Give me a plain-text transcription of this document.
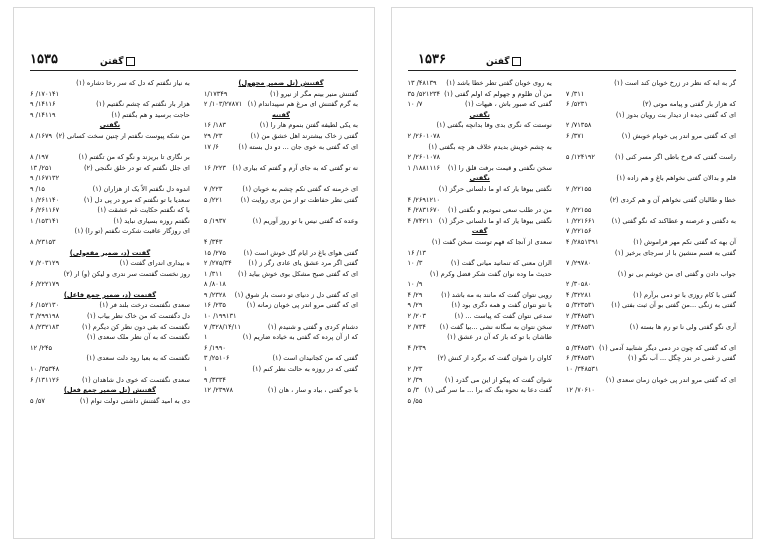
۱۵۳۵	گفتن
گفتنش (تل ضمیر مجهول)
گفتنش منیر بینم مگر از نیرو (۱)
۱/۱۷۳۴۹
به گرم گفتنش ای مرغ هم سپیداندام (۱)
۲ /۱۰۳/۲۷۸۷۱
گفتنه
به یکی لطیفه گفتن بنموم هار را (۱)
۱۶ /۱۸۳
گفتی ز خاک بیشترند اهل خشق من (۱)
۲۹ /۲۳
ای که گفتی به خوی جان ... دو دل بسته (۱)
۱۷ /۶
نه تو گفتی که به جای آرم و گفتم که بیاری (۱)
۱۶ /۲۲۳
ای خرمنه که گفتی نکم چشم به خوبان (۱)
۷ /۲۲۳
گفتی نظر حفاظت تو از من بری روایت (۱)
۵ /۲۲۱
وعده که گفتی نیس با تو روز آوریم (۱)
۵ /۱۹۳۷
۴ /۳۴۳
گفتی هوای باغ در ایام گل خوش است (۱)
۱۵ /۲۷۵
گفتی اگر مرد عشق یای عادی رگر ز (۱)
۲ /۲۷۵/۳۴
ای که گفتی صبح مشکل بوی خوش بیاید (۱)
۱ /۳۱۱
۸ /۸۰۱۸
ای که گفتی دل ز دنیای تو دست بار شوق (۱)
۹ /۲۳۲۸
ای که گفتی مرو اندر پی خوبان زمانه (۱)
۱۶ /۲۳۵
۱۰ /۱۹۹۱۳۱
دشنام کردی و گفتی و شنیدم (۱)
۷ /۳۲۸/۱۴/۱۱
که از آن پرده که گفتی به خیاده ضاریم (۱)
۱
۶ /۱۹۹۰
گفتی که من کجانیدان است (۱)
۳ /۲۵۱۰۶
گفتی که در روزه به حالت نظر کنم (۱)
۱
۹ /۳۳۳۴
با جو گفتی ، بیاد و سار ، هان (۱)
۱۲ /۲۳۹۷۸
به نیاز نگفتم که دل که سر رخا دشاره (۱)
۶ /۱۷۰۱۴۱
هزار بار نگفتم که چشم نگفتیم (۱)
۹ /۱۴۱۱۶
حاجت برسید و هم بگفتم (۱)
۹ /۱۴۱۱۹
نگفتی
من شکه پیوست نگفتم ار چنین سخت کسانی (۲)
۸ /۱۶۷۹
بر نگاری تا بریزند و نگو که من تگفتم (۱)
۸ /۱۹۷
ای جلل نگفتم که تو در خلق نگنجی (۲)
۱۳ /۲۵۱
۹ /۱۶۷۱۳۲
اندوه دل نگفتم الاً یک از هزاران (۱)
۹ /۱۵
سعدیا با تو نگفتم که مرو در پی دل (۱)
۱ /۲۶۱۱۴۰
با که نگفتم حکایت غم عشقت (۱)
۶ /۲۶۱۱۶۷
نگفتم روزه بسیاری نباید (۱)
۱ /۱۵۳۱۴۱
ای روزگار عاقبت شکرت نگفتم (تو را) (۱)
۸ /۲۳۱۵۳
گفتت (د، ضمیر مفعولی)
ه بیداری اندرای گفتت (۱)
۷ /۲۰۳۱۲۹
روز نخست گفتمت سر ندری و لیکن (و) ار (۲)
۶ /۲۲۲۱۷۹
گفتمت (د، ضمیر جمع فاعل)
سعدی نگفتمت درخت بلند فر (۱)
۶ /۱۵۲۱۳۰
دل دگفتمت که من خاک نظر بیاب (۱)
۳ /۲۹۹۱۹۸
نگفتمت که بقی دون نظر کن دیگرم (۱)
۸ /۲۳۲۱۸۳
نگفتمت که به آن نظر ملک سعدی (۱)
۱۲ /۲۴۵
نگفتمت که به بعبا رود دلت سعدی (۱)
۱۰ /۳۵۳۴۸
سعدی نگفتمت که خوی دل شاهدان (۱)
۶ /۱۳۱۱۲۶
گفتنش (تل ضمیر جمع فعل)
دی به امید گفتنش داشتی دولت نوام (۱)
۵ /۵۷
۱۵۳۶	گفتن
گر به ابه که نظر در زرخ خوبان کند است (۱)
۷ /۳۱۱
که هزار بار گفتی و پیامه موتی (۲)
۶ /۵۲۳۱
ای که گفتی دیده از دیدار بت رویان بدوز (۱)
۲ /۷۱۳۵۸
ای که گفتی مرو اندر پی خوبام خوبش (۱)
۶ /۳۷۱
راست گفتی که فرخ باطی اگر مسر کنی (۱)
۵ /۱۲۴۱۹۲
قلم و بدالان گفتی نخواهم باغ و هم زاده (۱)
۲ /۲۲۱۵۵
خطا و طالبان گفتی نخواهم آن و هم کردی (۲)
۲ /۲۲۱۵۵
به دگفتی و عرصنه و عطاکند که نگو گفتی (۱)
۱ /۲۲۱۶۶۱
۷ /۲۲۱۵۶
آن بهه که گفتی نکم مهر فراموش (۱)
۴ /۲۸۵۱۳۹۱
گفتی به قسم منشین با ار سرجای برخیز (۱)
۷ /۲۹۷۸۰
جواب دادن و گفتی ای من خوشم بی نو (۱)
۲ /۳۰۵۸۰
گفتی با کام روزی با تو دمی برآرم (۱)
۴ /۳۲۲۸۱
گفتی به زنگی ...من گفتی بو آن ثبت بفتی (۱)
۵ /۳۲۳۵۳۱
۲ /۳۴۸۵۳۱
آری نگو گفتی ولی نا تو رم ها بسته (۱)
۲ /۳۴۸۵۳۱
ای که گفتی که چون در دمی دیگر شتابید آدمی (۱)
۵ /۳۴۸۵۳۱
گفتی ز غمی در ندر چگل ... آب نگو (۱)
۶ /۳۴۸۵۳۱
۱۰ /۳۴۸۵۳۱
ای که گفتی مرو اندر پی خوبان زمان سعدی (۱)
۱۲ /۷۰۶۱۰
یه روی خوبان گفتی تطر خطا باشد (۱)
۱۳ /۴۸۱۳۹
من آن ظلوم و جهولم که اولم گفتی (۱)
۳۵ /۵۲۱۲۳۴
گفتی که صبور باش ، هیهات (۱)
۱۰ /۷
تگفتی
نوستت که نگری بدی وفا بدانچه بگفتی (۱)
۲ /۲۶۰۱۰۷۸
به چشم خویش بدیدم خلاف هر چه بگفتی (۱)
۲ /۲۶۰۱۰۷۸
سخن نگفتی و قیمت برفت قلق را (۱)
۱ /۱۸۸۱۱۱۶
نگفتی
نگفتی بیوفا یار که او ما دلسانی حرگز (۱)
۴ /۲۶۹۱۲۱۰
من در طلب سعی نمودیم و نگفتی (۱)
۴ /۲۸۳۱۶۷۰
نگفتی بیوفا یار که او ما دلسانی حرگز (۱)
۴ /۷۴۲۱۱
گفت
سعدی از آنجا که فهم توست سخن گفت (۱)
۱۶ /۱۳
الزان معنی که تنمانید میانی گفت (۱)
۱۰ /۳
حدیث ما وده نوان گفت شکر فضل وکرم (۱)
۱۰ /۹
رویی نتوان گفت که مانند به مه باشد (۱)
۴ /۲۹
با نتو نتوان گفت و همه دگری بود (۱)
۹ /۲۹
سدعی نتوان گفت که پیاست ... (۱)
۲ /۲۰۳
سخن نتوان به سگانه نشی ...بیا گفت (۱)
۲ /۷۳۴
طاشان با تو که باز که آن در عشق (۱)
۴ /۲۳۹
کاوان را شوان گفت که برگرد از کنش (۲)
۲ /۲۳
شوان گفت که پیکو از این می گذرد (۱)
۲ /۳۹
گفت دعا به نحوه بنگ که برا ... ما سر گنی (۱)
۵ /۳
۵ /۵۵
